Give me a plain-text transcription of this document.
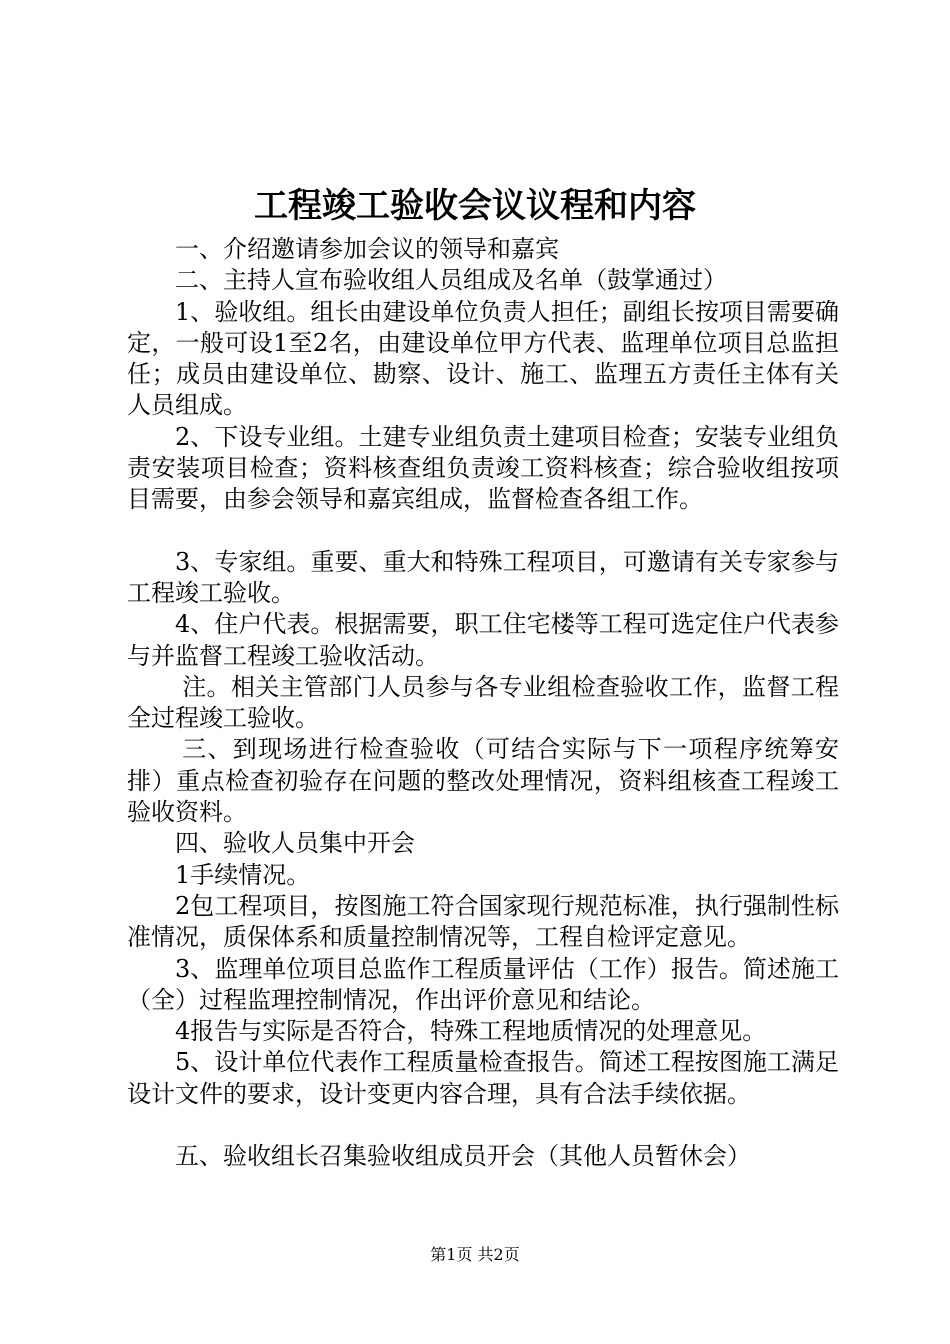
工程竣工验收会议议程和内容

一、介绍邀请参加会议的领导和嘉宾

二、主持人宣布验收组人员组成及名单（鼓掌通过）

1、验收组。组长由建设单位负责人担任；副组长按项目需要确定，一般可设1至2名，由建设单位甲方代表、监理单位项目总监担任；成员由建设单位、勘察、设计、施工、监理五方责任主体有关人员组成。

2、下设专业组。土建专业组负责土建项目检查；安装专业组负责安装项目检查；资料核查组负责竣工资料核查；综合验收组按项目需要，由参会领导和嘉宾组成，监督检查各组工作。

3、专家组。重要、重大和特殊工程项目，可邀请有关专家参与工程竣工验收。

4、住户代表。根据需要，职工住宅楼等工程可选定住户代表参与并监督工程竣工验收活动。

注。相关主管部门人员参与各专业组检查验收工作，监督工程全过程竣工验收。

三、到现场进行检查验收（可结合实际与下一项程序统筹安排）重点检查初验存在问题的整改处理情况，资料组核查工程竣工验收资料。

四、验收人员集中开会

1手续情况。

2包工程项目，按图施工符合国家现行规范标准，执行强制性标准情况，质保体系和质量控制情况等，工程自检评定意见。

3、监理单位项目总监作工程质量评估（工作）报告。简述施工（全）过程监理控制情况，作出评价意见和结论。

4报告与实际是否符合，特殊工程地质情况的处理意见。

5、设计单位代表作工程质量检查报告。简述工程按图施工满足设计文件的要求，设计变更内容合理，具有合法手续依据。

五、验收组长召集验收组成员开会（其他人员暂休会）

第1页 共2页
